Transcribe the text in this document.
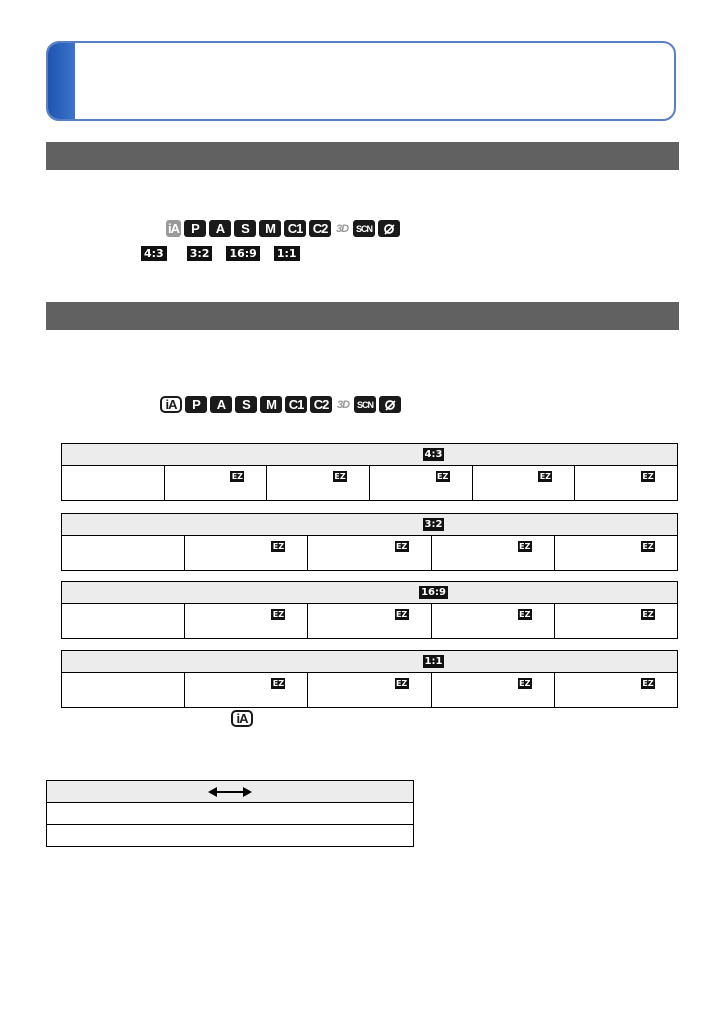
iA P	A	S	M C1 C2 3D SCN
4:3 3:2 16:9 1:1
iA	P	A	S	M C1 C2 3D SCN
4:3
EZ	EZ	EZ	EZ	EZ
3:2
EZ	EZ	EZ	EZ
16:9
EZ	EZ	EZ	EZ
1:1
EZ	EZ	EZ	EZ
iA
